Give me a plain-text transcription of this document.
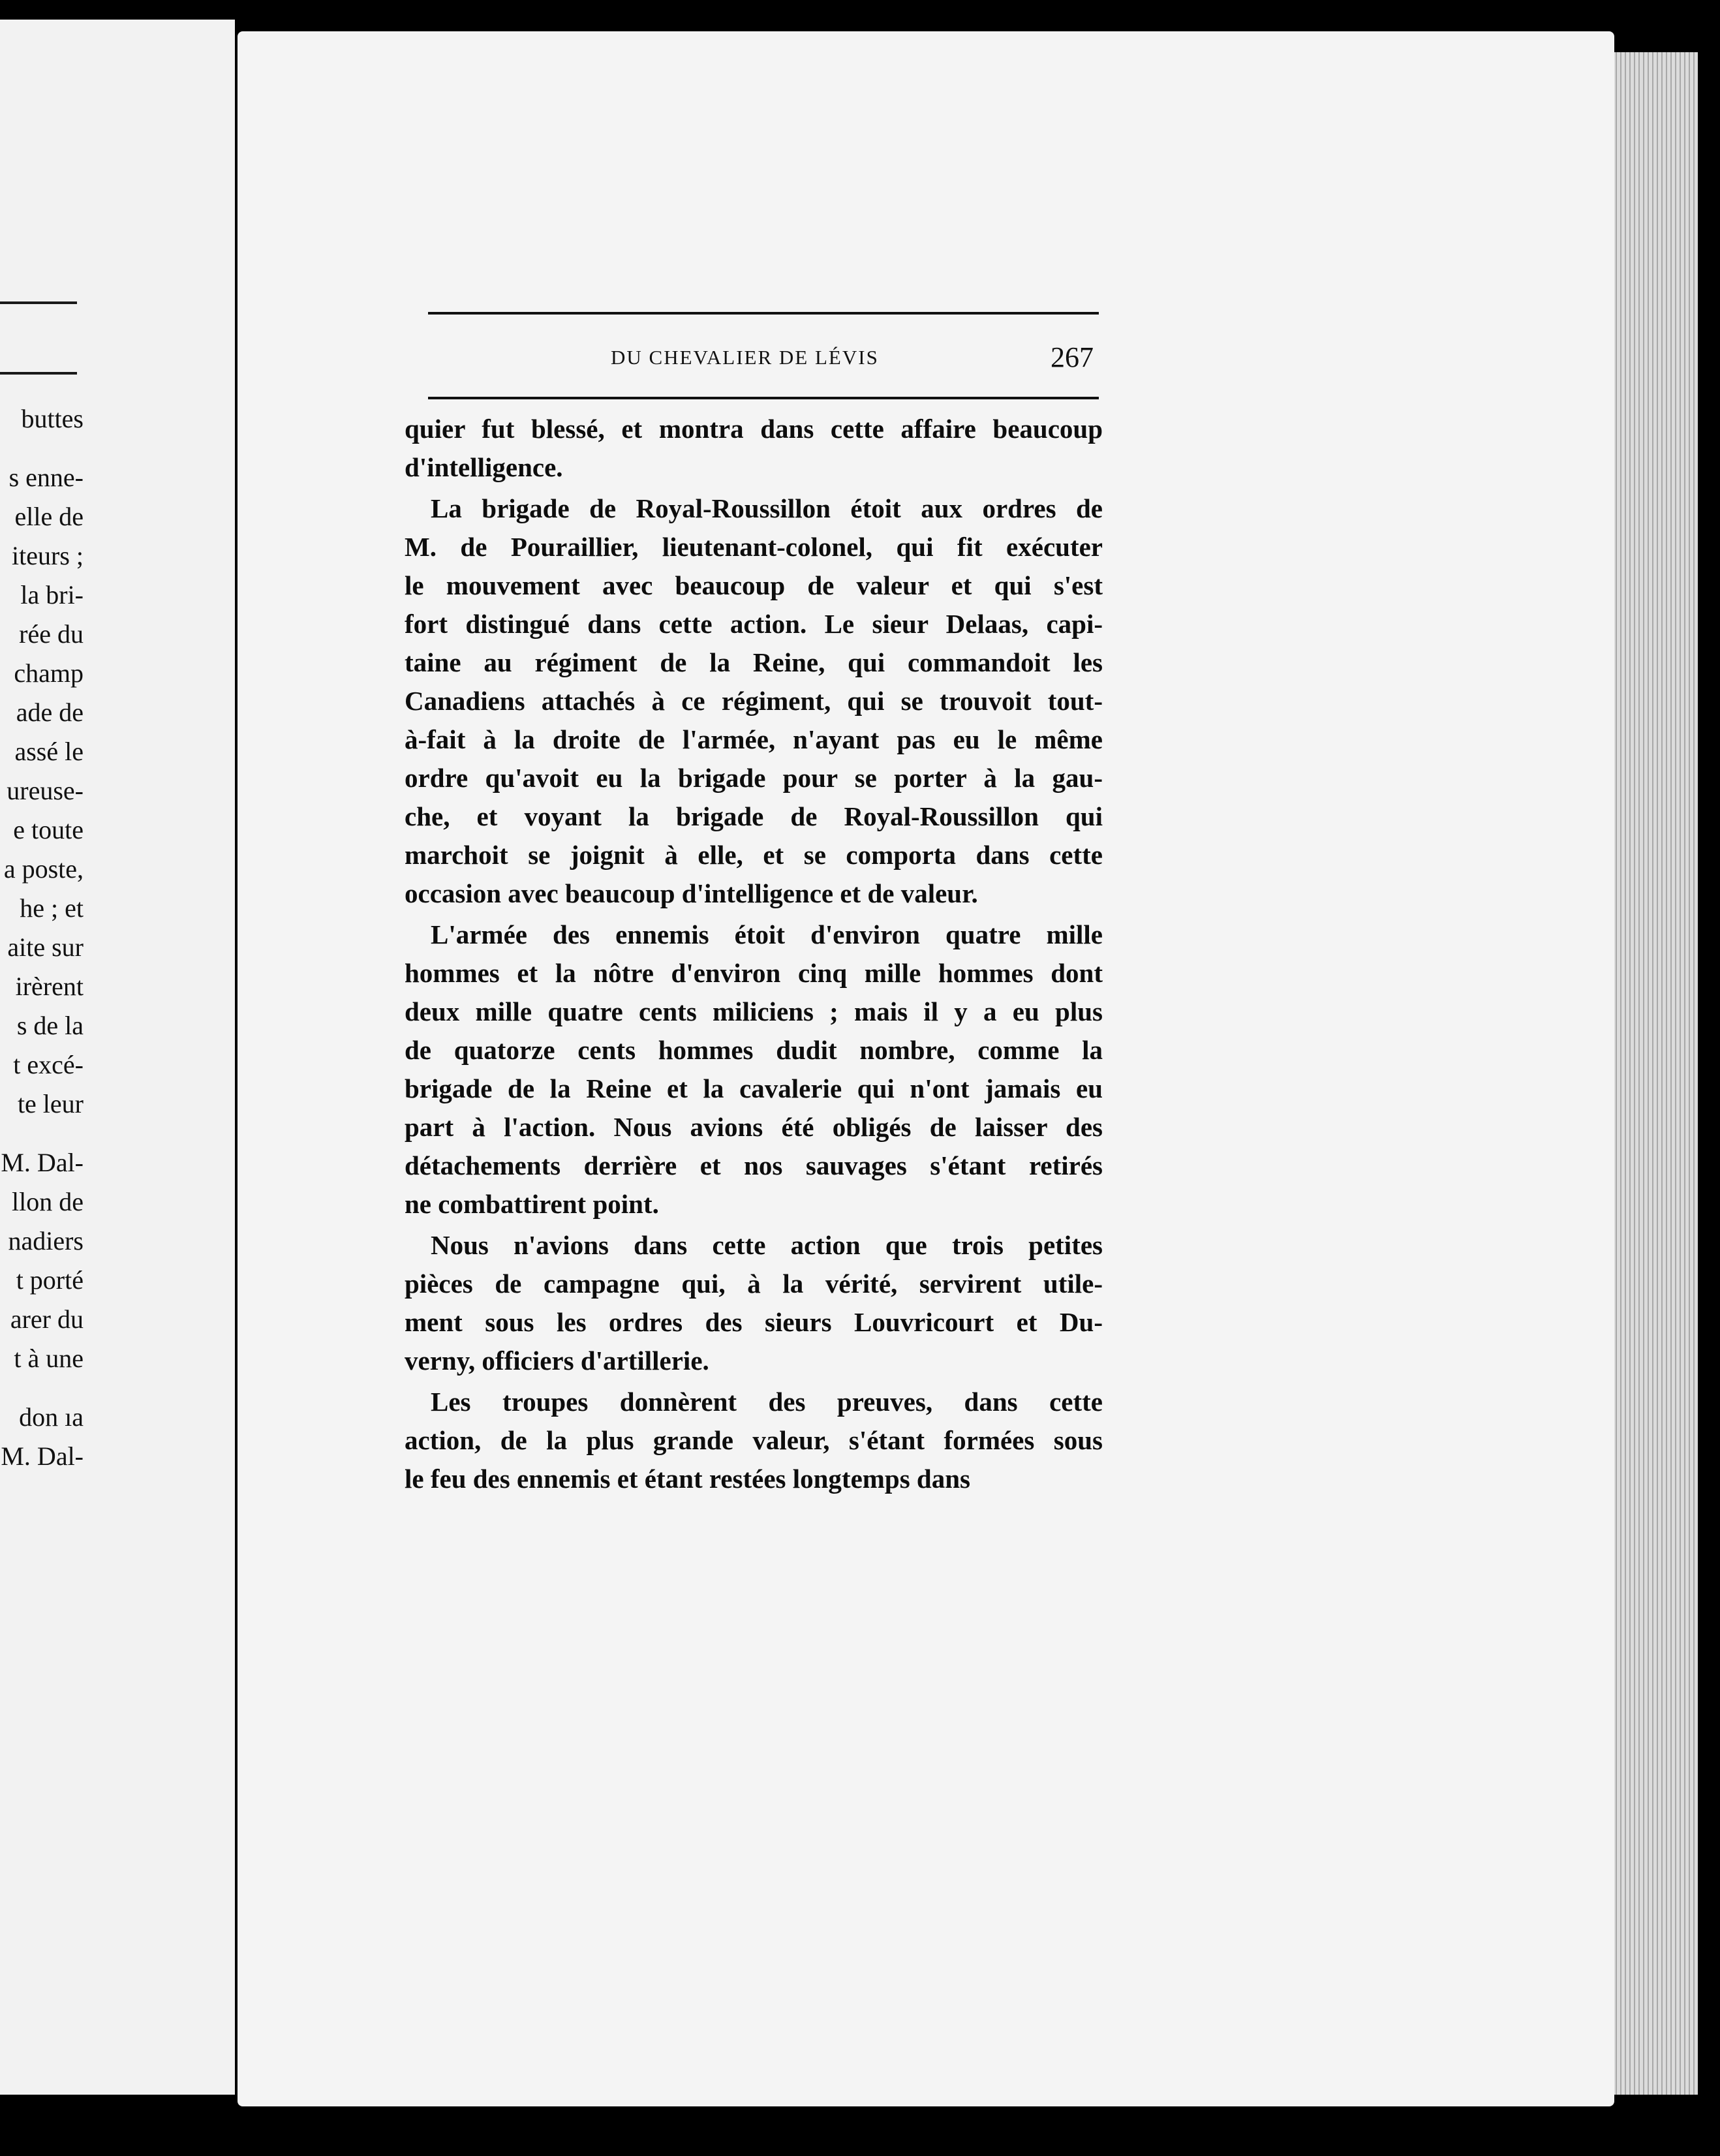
buttes
s enne-
elle de
iteurs ;
la bri-
rée du
champ
ade de
assé le
ureuse-
e toute
a poste,
he ; et
aite sur
irèrent
s de la
t excé-
te leur
M. Dal-
llon de
nadiers
t porté
arer du
t à une
don ıa
M. Dal-
DU CHEVALIER DE LÉVIS	267
quier fut blessé, et montra dans cette affaire beaucoup
d'intelligence.
La brigade de Royal-Roussillon étoit aux ordres de
M. de Pouraillier, lieutenant-colonel, qui fit exécuter
le mouvement avec beaucoup de valeur et qui s'est
fort distingué dans cette action. Le sieur Delaas, capi-
taine au régiment de la Reine, qui commandoit les
Canadiens attachés à ce régiment, qui se trouvoit tout-
à-fait à la droite de l'armée, n'ayant pas eu le même
ordre qu'avoit eu la brigade pour se porter à la gau-
che, et voyant la brigade de Royal-Roussillon qui
marchoit se joignit à elle, et se comporta dans cette
occasion avec beaucoup d'intelligence et de valeur.
L'armée des ennemis étoit d'environ quatre mille
hommes et la nôtre d'environ cinq mille hommes dont
deux mille quatre cents miliciens ; mais il y a eu plus
de quatorze cents hommes dudit nombre, comme la
brigade de la Reine et la cavalerie qui n'ont jamais eu
part à l'action. Nous avions été obligés de laisser des
détachements derrière et nos sauvages s'étant retirés
ne combattirent point.
Nous n'avions dans cette action que trois petites
pièces de campagne qui, à la vérité, servirent utile-
ment sous les ordres des sieurs Louvricourt et Du-
verny, officiers d'artillerie.
Les troupes donnèrent des preuves, dans cette
action, de la plus grande valeur, s'étant formées sous
le feu des ennemis et étant restées longtemps dans
